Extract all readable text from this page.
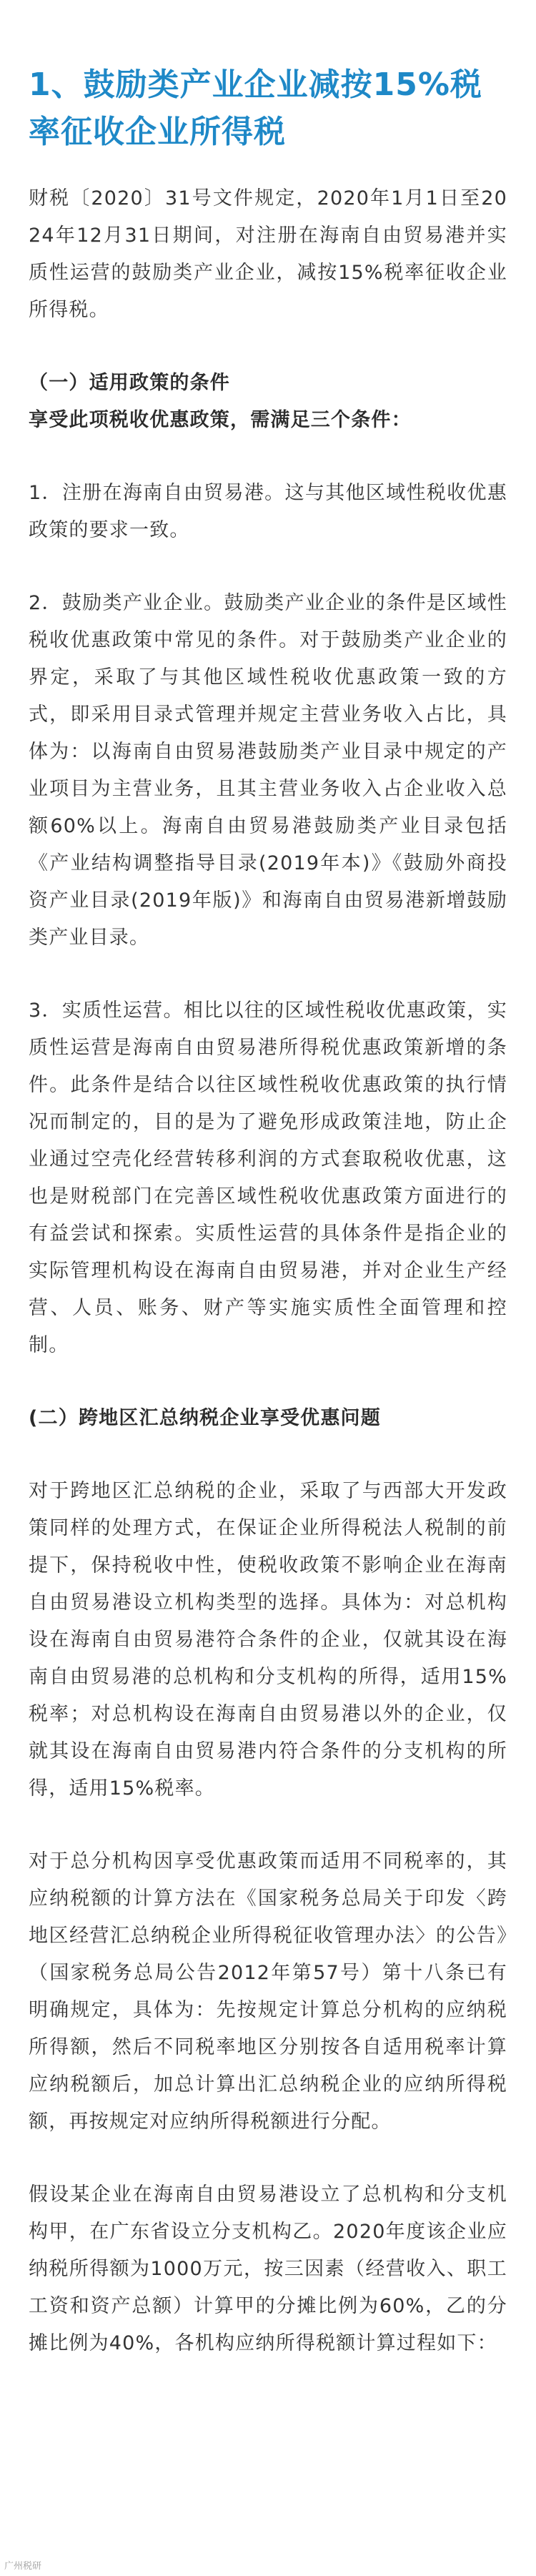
1、鼓励类产业企业减按15%税率征收企业所得税

财税〔2020〕31号文件规定，2020年1月1日至2024年12月31日期间，对注册在海南自由贸易港并实质性运营的鼓励类产业企业，减按15%税率征收企业所得税。

（一）适用政策的条件

享受此项税收优惠政策，需满足三个条件：

1．注册在海南自由贸易港。这与其他区域性税收优惠政策的要求一致。

2．鼓励类产业企业。鼓励类产业企业的条件是区域性税收优惠政策中常见的条件。对于鼓励类产业企业的界定，采取了与其他区域性税收优惠政策一致的方式，即采用目录式管理并规定主营业务收入占比，具体为：以海南自由贸易港鼓励类产业目录中规定的产业项目为主营业务，且其主营业务收入占企业收入总额60%以上。海南自由贸易港鼓励类产业目录包括《产业结构调整指导目录(2019年本)》《鼓励外商投资产业目录(2019年版)》和海南自由贸易港新增鼓励类产业目录。

3．实质性运营。相比以往的区域性税收优惠政策，实质性运营是海南自由贸易港所得税优惠政策新增的条件。此条件是结合以往区域性税收优惠政策的执行情况而制定的，目的是为了避免形成政策洼地，防止企业通过空壳化经营转移利润的方式套取税收优惠，这也是财税部门在完善区域性税收优惠政策方面进行的有益尝试和探索。实质性运营的具体条件是指企业的实际管理机构设在海南自由贸易港，并对企业生产经营、人员、账务、财产等实施实质性全面管理和控制。

(二）跨地区汇总纳税企业享受优惠问题

对于跨地区汇总纳税的企业，采取了与西部大开发政策同样的处理方式，在保证企业所得税法人税制的前提下，保持税收中性，使税收政策不影响企业在海南自由贸易港设立机构类型的选择。具体为：对总机构设在海南自由贸易港符合条件的企业，仅就其设在海南自由贸易港的总机构和分支机构的所得，适用15%税率；对总机构设在海南自由贸易港以外的企业，仅就其设在海南自由贸易港内符合条件的分支机构的所得，适用15%税率。

对于总分机构因享受优惠政策而适用不同税率的，其应纳税额的计算方法在《国家税务总局关于印发〈跨地区经营汇总纳税企业所得税征收管理办法〉的公告》（国家税务总局公告2012年第57号）第十八条已有明确规定，具体为：先按规定计算总分机构的应纳税所得额，然后不同税率地区分别按各自适用税率计算应纳税额后，加总计算出汇总纳税企业的应纳所得税额，再按规定对应纳所得税额进行分配。

假设某企业在海南自由贸易港设立了总机构和分支机构甲，在广东省设立分支机构乙。2020年度该企业应纳税所得额为1000万元，按三因素（经营收入、职工工资和资产总额）计算甲的分摊比例为60%，乙的分摊比例为40%，各机构应纳所得税额计算过程如下：

广州税研
